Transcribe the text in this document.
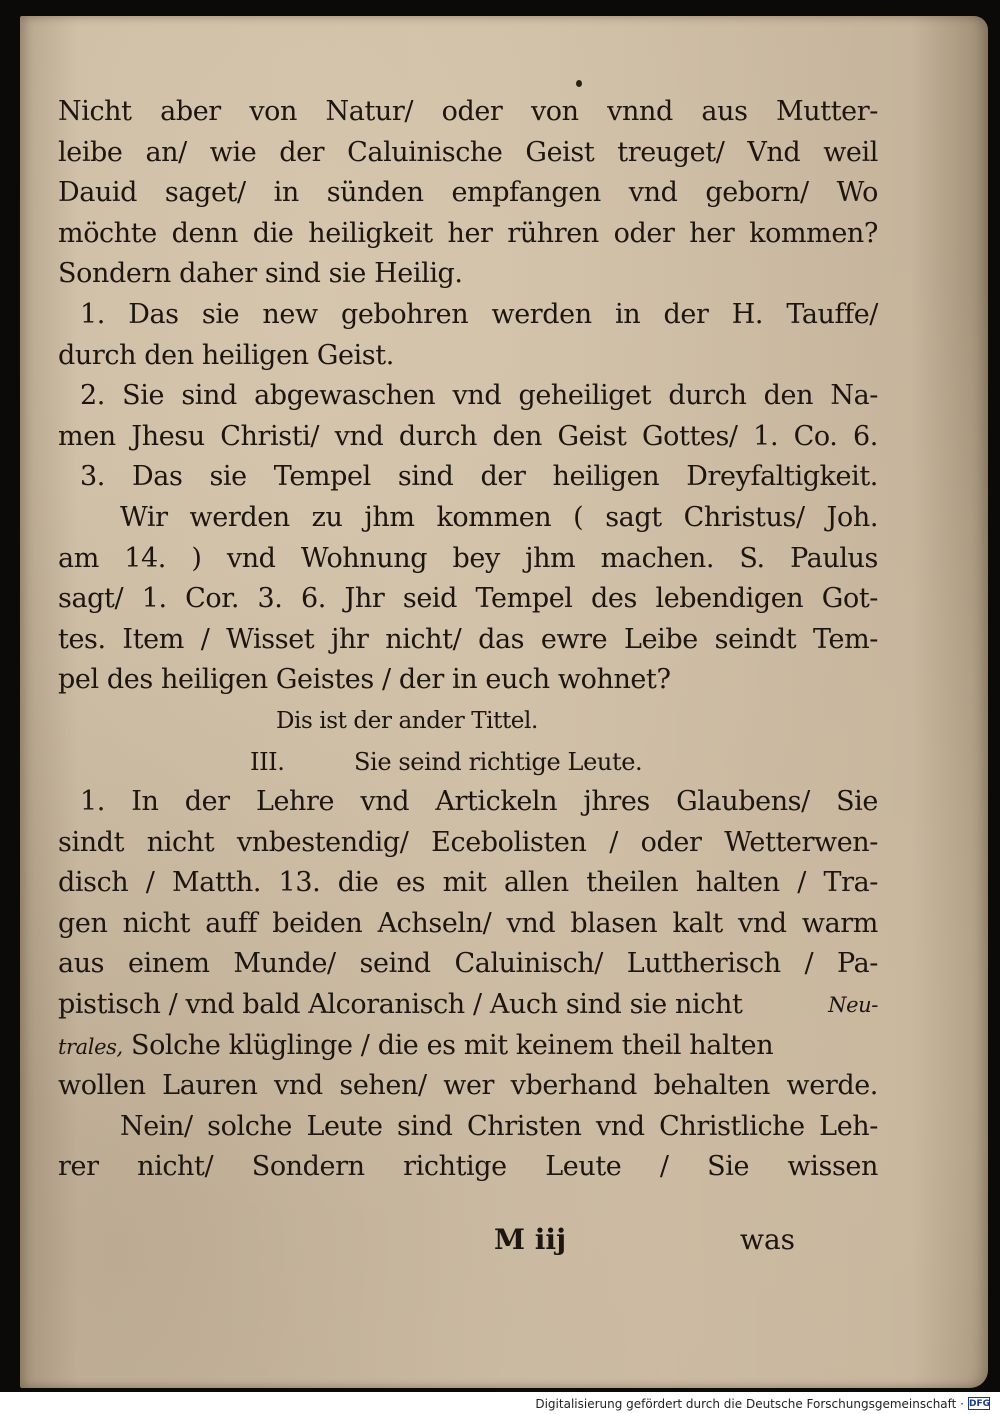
Nicht aber von Natur/ oder von vnnd aus Mutter-
leibe an/ wie der Caluinische Geist treuget/ Vnd weil
Dauid saget/ in sünden empfangen vnd geborn/ Wo
möchte denn die heiligkeit her rühren oder her kommen?
Sondern daher sind sie Heilig.
1. Das sie new gebohren werden in der H. Tauffe/
durch den heiligen Geist.
2. Sie sind abgewaschen vnd geheiliget durch den Na-
men Jhesu Christi/ vnd durch den Geist Gottes/ 1. Co. 6.
3. Das sie Tempel sind der heiligen Dreyfaltigkeit.
Wir werden zu jhm kommen ( sagt Christus/ Joh.
am 14. ) vnd Wohnung bey jhm machen. S. Paulus
sagt/ 1. Cor. 3. 6. Jhr seid Tempel des lebendigen Got-
tes. Item / Wisset jhr nicht/ das ewre Leibe seindt Tem-
pel des heiligen Geistes / der in euch wohnet?
Dis ist der ander Tittel.
III.	Sie seind richtige Leute.
1. In der Lehre vnd Artickeln jhres Glaubens/ Sie
sindt nicht vnbestendig/ Ecebolisten / oder Wetterwen-
disch / Matth. 13. die es mit allen theilen halten / Tra-
gen nicht auff beiden Achseln/ vnd blasen kalt vnd warm
aus einem Munde/ seind Caluinisch/ Luttherisch / Pa-
pistisch / vnd bald Alcoranisch / Auch sind sie nicht	Neu-
trales, Solche klüglinge / die es mit keinem theil halten
wollen Lauren vnd sehen/ wer vberhand behalten werde.
Nein/ solche Leute sind Christen vnd Christliche Leh-
rer nicht/ Sondern richtige Leute / Sie wissen
M iij	was
Digitalisierung gefördert durch die Deutsche Forschungsgemeinschaft · DFG
